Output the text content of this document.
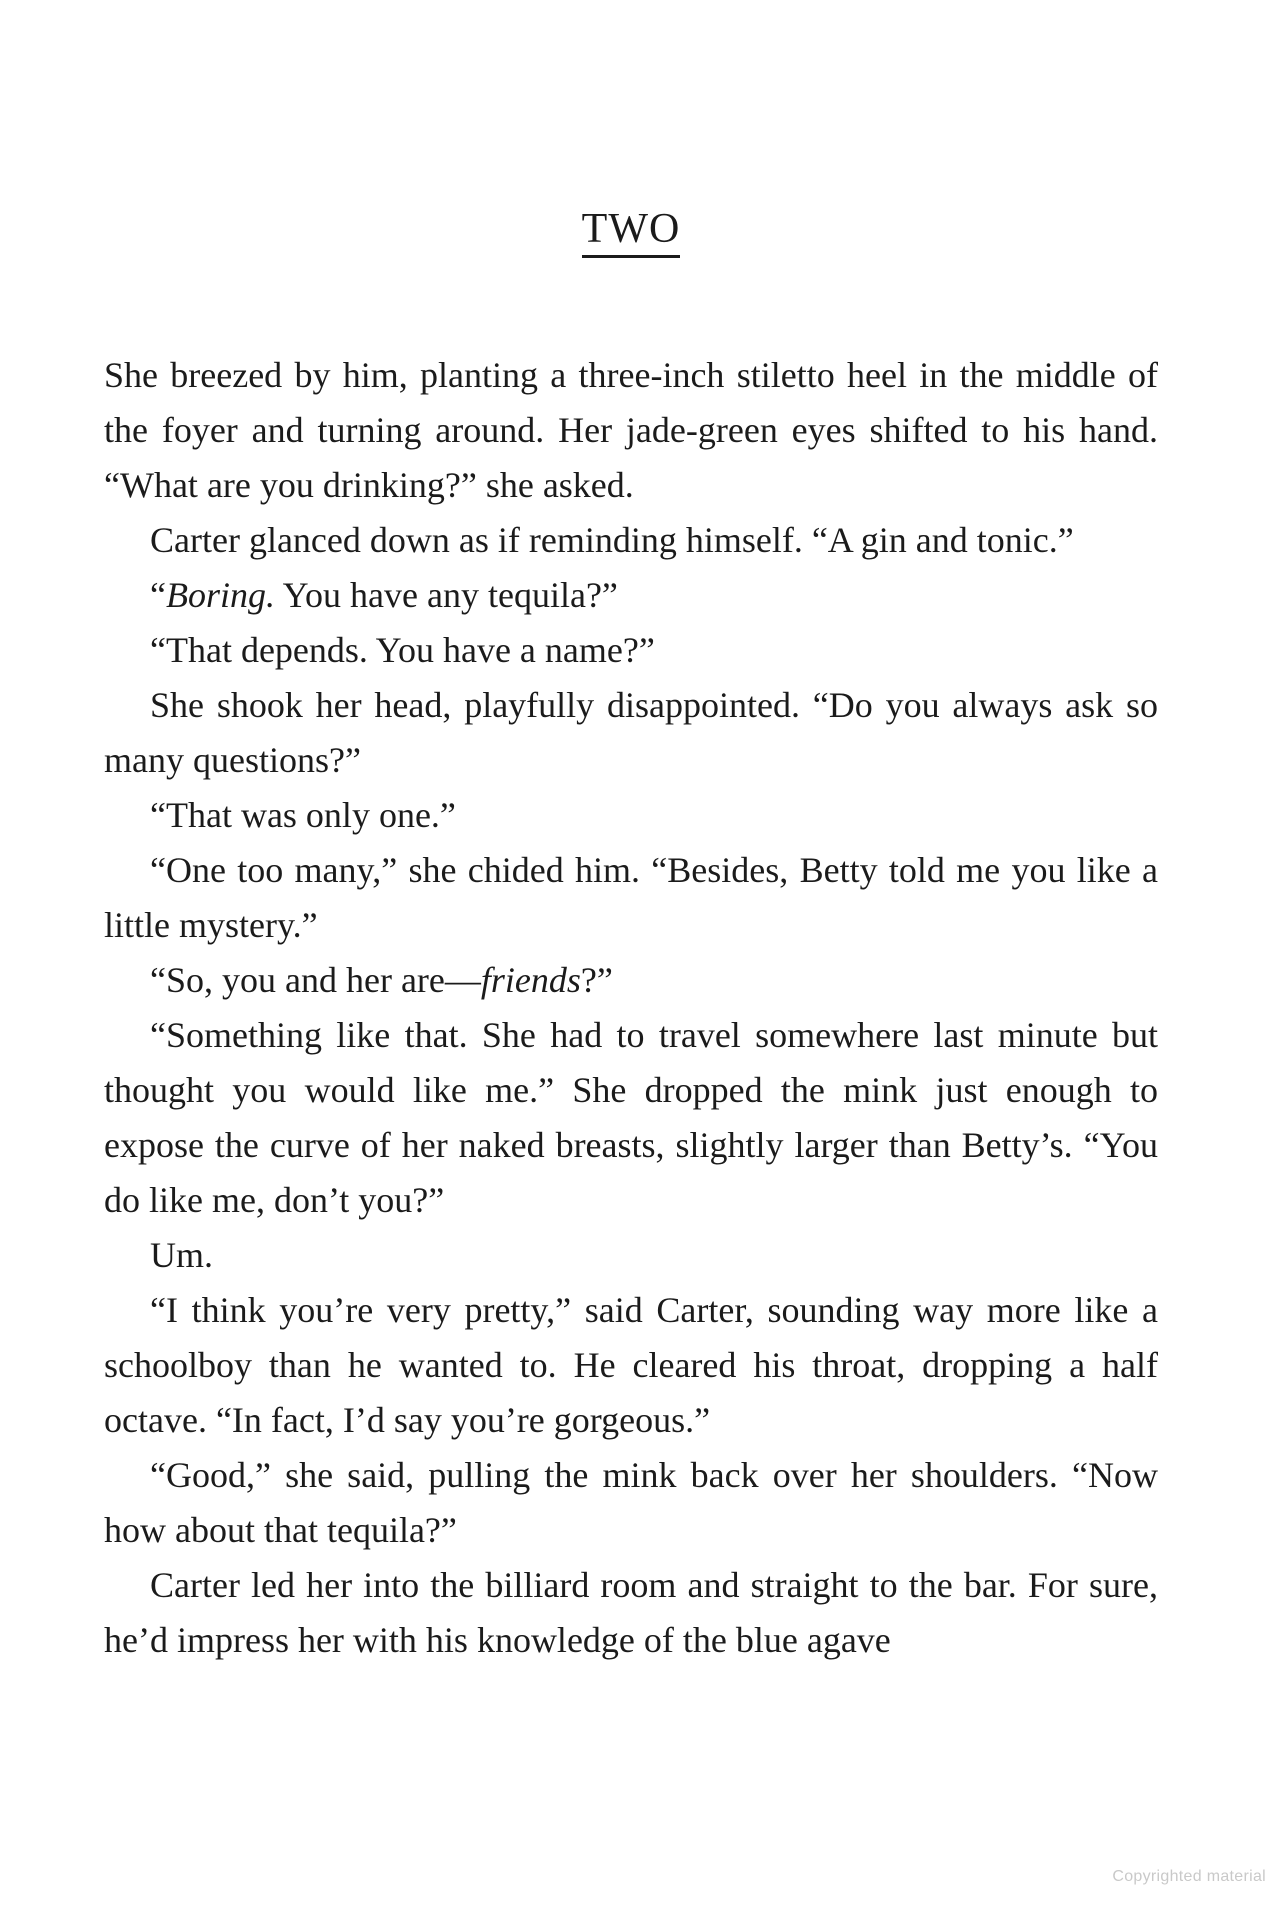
TWO

She breezed by him, planting a three-inch stiletto heel in the middle of the foyer and turning around. Her jade-green eyes shifted to his hand. “What are you drinking?” she asked.

Carter glanced down as if reminding himself. “A gin and tonic.”

“Boring. You have any tequila?”

“That depends. You have a name?”

She shook her head, playfully disappointed. “Do you always ask so many questions?”

“That was only one.”

“One too many,” she chided him. “Besides, Betty told me you like a little mystery.”

“So, you and her are—friends?”

“Something like that. She had to travel somewhere last minute but thought you would like me.” She dropped the mink just enough to expose the curve of her naked breasts, slightly larger than Betty’s. “You do like me, don’t you?”

Um.

“I think you’re very pretty,” said Carter, sounding way more like a schoolboy than he wanted to. He cleared his throat, dropping a half octave. “In fact, I’d say you’re gorgeous.”

“Good,” she said, pulling the mink back over her shoulders. “Now how about that tequila?”

Carter led her into the billiard room and straight to the bar. For sure, he’d impress her with his knowledge of the blue agave

Copyrighted material
